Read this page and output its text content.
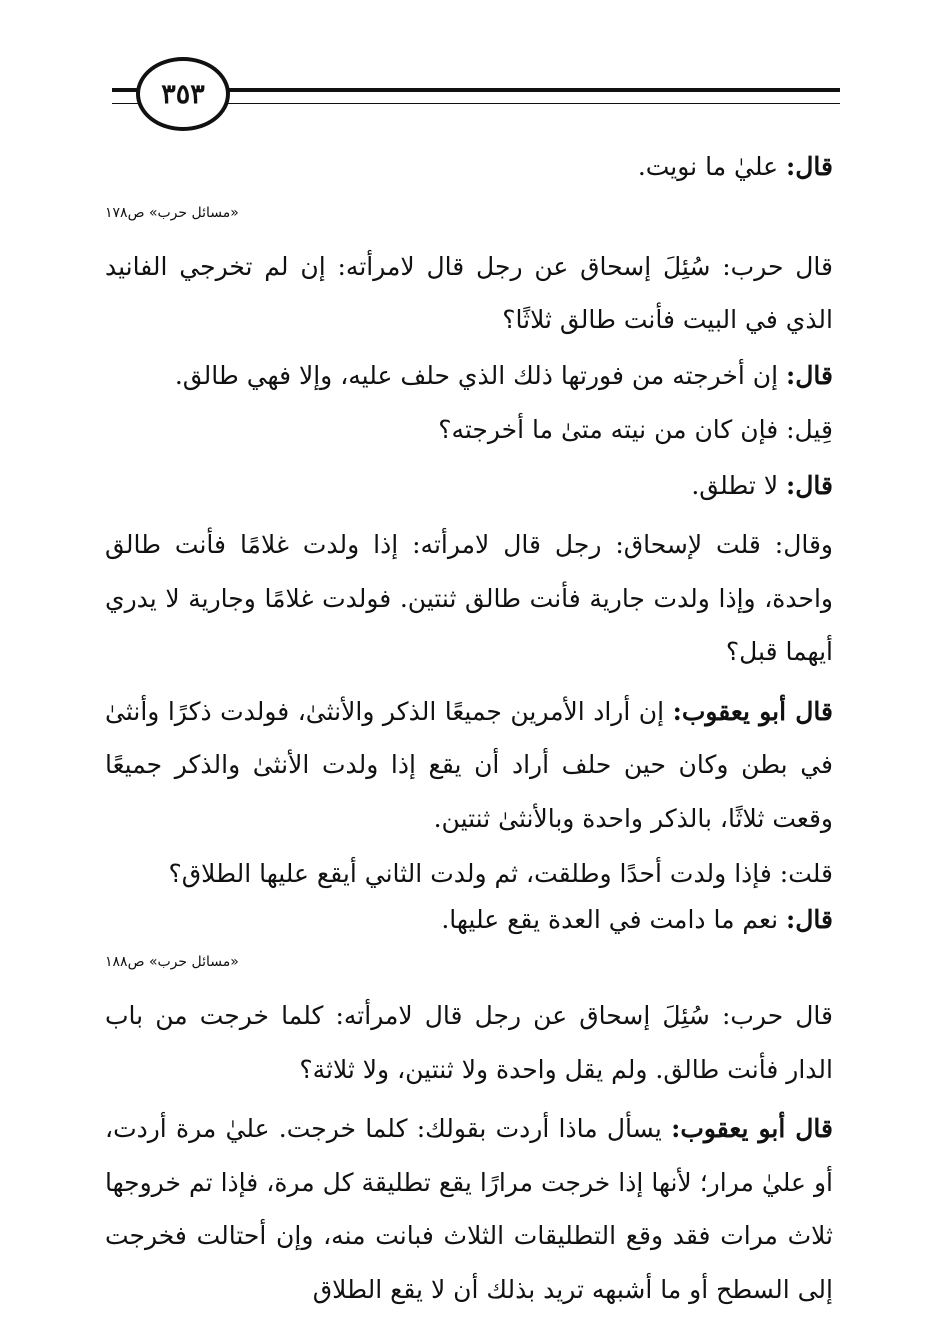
٣٥٣

قال: عليٰ ما نويت.

«مسائل حرب» ص١٧٨

قال حرب: سُئِلَ إسحاق عن رجل قال لامرأته: إن لم تخرجي الفانيد الذي في البيت فأنت طالق ثلاثًا؟

قال: إن أخرجته من فورتها ذلك الذي حلف عليه، وإلا فهي طالق.

قِيل: فإن كان من نيته متىٰ ما أخرجته؟

قال: لا تطلق.

وقال: قلت لإسحاق: رجل قال لامرأته: إذا ولدت غلامًا فأنت طالق واحدة، وإذا ولدت جارية فأنت طالق ثنتين. فولدت غلامًا وجارية لا يدري أيهما قبل؟

قال أبو يعقوب: إن أراد الأمرين جميعًا الذكر والأنثىٰ، فولدت ذكرًا وأنثىٰ في بطن وكان حين حلف أراد أن يقع إذا ولدت الأنثىٰ والذكر جميعًا وقعت ثلاثًا، بالذكر واحدة وبالأنثىٰ ثنتين.

قلت: فإذا ولدت أحدًا وطلقت، ثم ولدت الثاني أيقع عليها الطلاق؟

قال: نعم ما دامت في العدة يقع عليها.

«مسائل حرب» ص١٨٨

قال حرب: سُئِلَ إسحاق عن رجل قال لامرأته: كلما خرجت من باب الدار فأنت طالق. ولم يقل واحدة ولا ثنتين، ولا ثلاثة؟

قال أبو يعقوب: يسأل ماذا أردت بقولك: كلما خرجت. عليٰ مرة أردت، أو عليٰ مرار؛ لأنها إذا خرجت مرارًا يقع تطليقة كل مرة، فإذا تم خروجها ثلاث مرات فقد وقع التطليقات الثلاث فبانت منه، وإن أحتالت فخرجت إلى السطح أو ما أشبهه تريد بذلك أن لا يقع الطلاق
